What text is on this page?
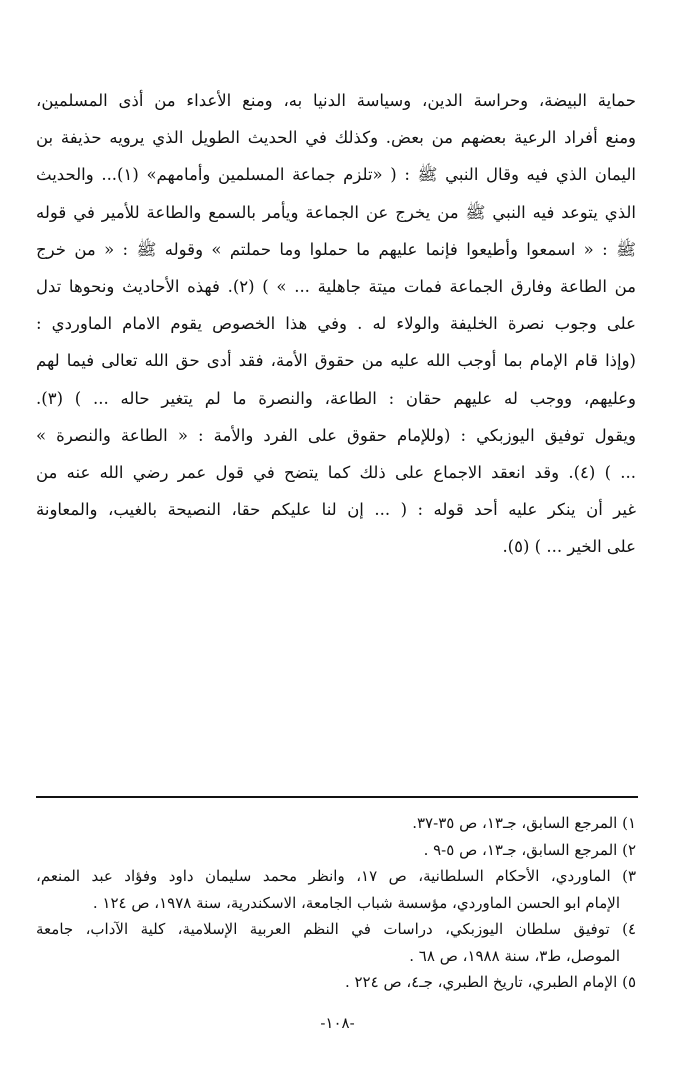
حماية البيضة، وحراسة الدين، وسياسة الدنيا به، ومنع الأعداء من أذى المسلمين،
ومنع أفراد الرعية بعضهم من بعض. وكذلك في الحديث الطويل الذي يرويه حذيفة بن
اليمان الذي فيه وقال النبي ﷺ : ( «تلزم جماعة المسلمين وأمامهم» (١)... والحديث
الذي يتوعد فيه النبي ﷺ من يخرج عن الجماعة ويأمر بالسمع والطاعة للأمير في قوله
ﷺ : « اسمعوا وأطيعوا فإنما عليهم ما حملوا وما حملتم » وقوله ﷺ : « من خرج
من الطاعة وفارق الجماعة فمات ميتة جاهلية ... » ) (٢). فهذه الأحاديث ونحوها تدل
على وجوب نصرة الخليفة والولاء له . وفي هذا الخصوص يقوم الامام الماوردي :
(وإذا قام الإمام بما أوجب الله عليه من حقوق الأمة، فقد أدى حق الله تعالى فيما لهم
وعليهم، ووجب له عليهم حقان : الطاعة، والنصرة ما لم يتغير حاله ... ) (٣).
ويقول توفيق اليوزبكي : (وللإمام حقوق على الفرد والأمة : « الطاعة والنصرة »
... ) (٤). وقد انعقد الاجماع على ذلك كما يتضح في قول عمر رضي الله عنه من
غير أن ينكر عليه أحد قوله : ( ... إن لنا عليكم حقا، النصيحة بالغيب، والمعاونة
على الخير ... ) (٥).
١) المرجع السابق، جـ١٣، ص ٣٥-٣٧.
٢) المرجع السابق، جـ١٣، ص ٥-٩ .
٣) الماوردي، الأحكام السلطانية، ص ١٧، وانظر محمد سليمان داود وفؤاد عبد المنعم،
الإمام ابو الحسن الماوردي، مؤسسة شباب الجامعة، الاسكندرية، سنة ١٩٧٨، ص ١٢٤ .
٤) توفيق سلطان اليوزبكي، دراسات في النظم العربية الإسلامية، كلية الآداب، جامعة
الموصل، ط٣، سنة ١٩٨٨، ص ٦٨ .
٥) الإمام الطبري، تاريخ الطبري، جـ٤، ص ٢٢٤ .
-١٠٨-
